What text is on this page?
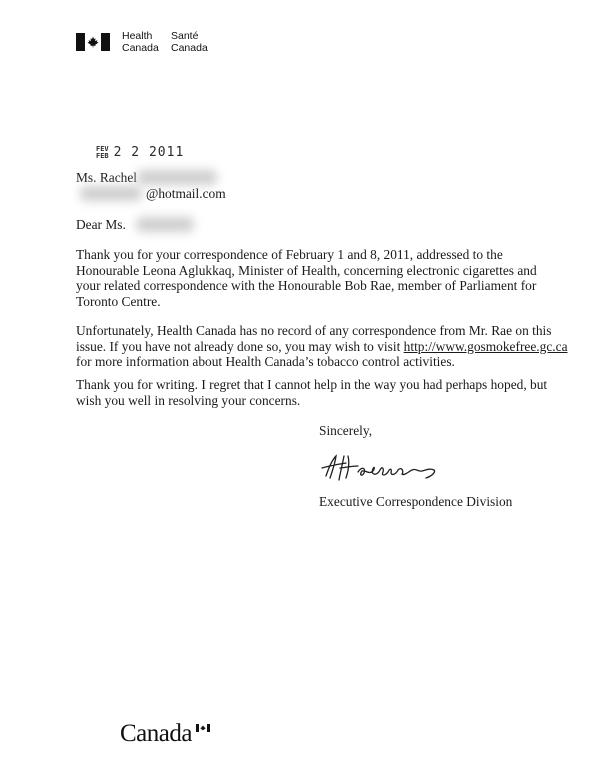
Health
Canada
Santé
Canada
FEV
FEB 2 2 2011
Ms. Rachel
@hotmail.com
Dear Ms.
Thank you for your correspondence of February 1 and 8, 2011, addressed to the
Honourable Leona Aglukkaq, Minister of Health, concerning electronic cigarettes and
your related correspondence with the Honourable Bob Rae, member of Parliament for
Toronto Centre.
Unfortunately, Health Canada has no record of any correspondence from Mr. Rae on this
issue. If you have not already done so, you may wish to visit http://www.gosmokefree.gc.ca
for more information about Health Canada’s tobacco control activities.
Thank you for writing. I regret that I cannot help in the way you had perhaps hoped, but
wish you well in resolving your concerns.
Sincerely,
Executive Correspondence Division
Canada
